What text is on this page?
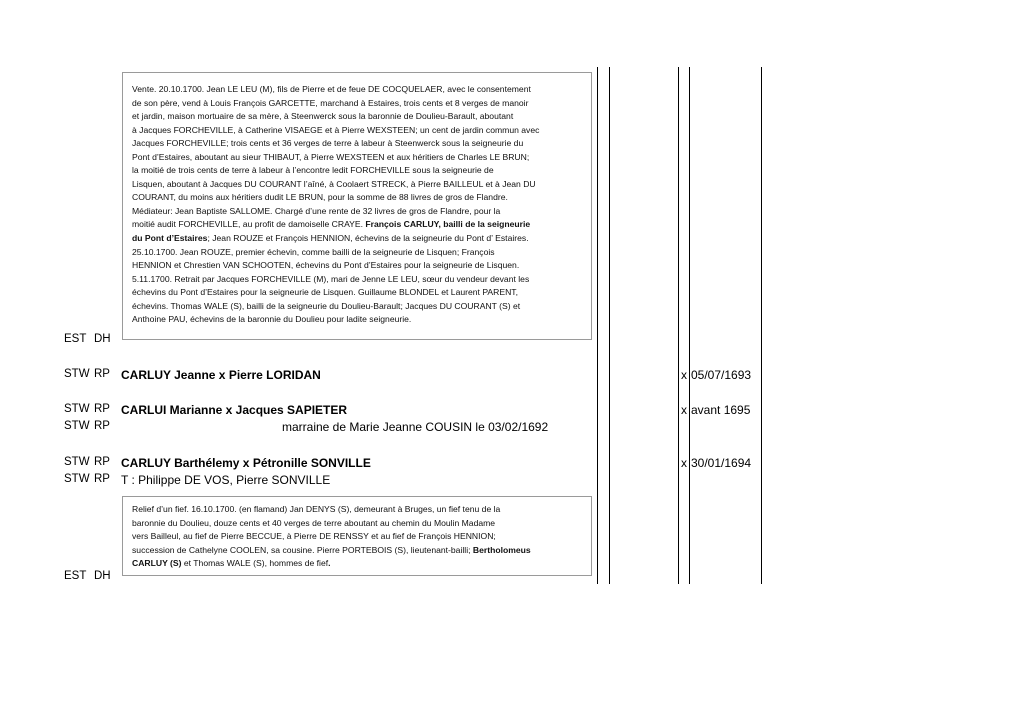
Vente. 20.10.1700. Jean LE LEU (M), fils de Pierre et de feue DE COCQUELAER, avec le consentement
de son père, vend à Louis François GARCETTE, marchand à Estaires, trois cents et 8 verges de manoir
et jardin, maison mortuaire de sa mère, à Steenwerck sous la baronnie de Doulieu-Barault, aboutant
à Jacques FORCHEVILLE, à Catherine VISAEGE et à Pierre WEXSTEEN; un cent de jardin commun avec
Jacques FORCHEVILLE; trois cents et 36 verges de terre à labeur à Steenwerck sous la seigneurie du
Pont d’Estaires, aboutant au sieur THIBAUT, à Pierre WEXSTEEN et aux héritiers de Charles LE BRUN;
la moitié de trois cents de terre à labeur à l’encontre ledit FORCHEVILLE sous la seigneurie de
Lisquen, aboutant à Jacques DU COURANT l’aîné, à Coolaert STRECK, à Pierre BAILLEUL et à Jean DU
COURANT, du moins aux héritiers dudit LE BRUN, pour la somme de 88 livres de gros de Flandre.
Médiateur: Jean Baptiste SALLOME. Chargé d’une rente de 32 livres de gros de Flandre, pour la
moitié audit FORCHEVILLE, au profit de damoiselle CRAYE. François CARLUY, bailli de la seigneurie
du Pont d’Estaires; Jean ROUZE et François HENNION, échevins de la seigneurie du Pont d’ Estaires.
25.10.1700. Jean ROUZE, premier échevin, comme bailli de la seigneurie de Lisquen; François
HENNION et Chrestien VAN SCHOOTEN, échevins du Pont d’Estaires pour la seigneurie de Lisquen.
5.11.1700. Retrait par Jacques FORCHEVILLE (M), mari de Jenne LE LEU, sœur du vendeur devant les
échevins du Pont d’Estaires pour la seigneurie de Lisquen. Guillaume BLONDEL et Laurent PARENT,
échevins. Thomas WALE (S), bailli de la seigneurie du Doulieu-Barault; Jacques DU COURANT (S) et
Anthoine PAU, échevins de la baronnie du Doulieu pour ladite seigneurie.
EST DH
STW RP CARLUY Jeanne x Pierre LORIDAN	x 05/07/1693
STW RP CARLUI Marianne x Jacques SAPIETER	x avant 1695
STW RP	marraine de Marie Jeanne COUSIN le 03/02/1692
STW RP CARLUY Barthélemy x Pétronille SONVILLE	x 30/01/1694
STW RP T : Philippe DE VOS, Pierre SONVILLE
Relief d’un fief. 16.10.1700. (en flamand) Jan DENYS (S), demeurant à Bruges, un fief tenu de la
baronnie du Doulieu, douze cents et 40 verges de terre aboutant au chemin du Moulin Madame
vers Bailleul, au fief de Pierre BECCUE, à Pierre DE RENSSY et au fief de François HENNION;
succession de Cathelyne COOLEN, sa cousine. Pierre PORTEBOIS (S), lieutenant-bailli; Bertholomeus
CARLUY (S) et Thomas WALE (S), hommes de fief.
EST DH
